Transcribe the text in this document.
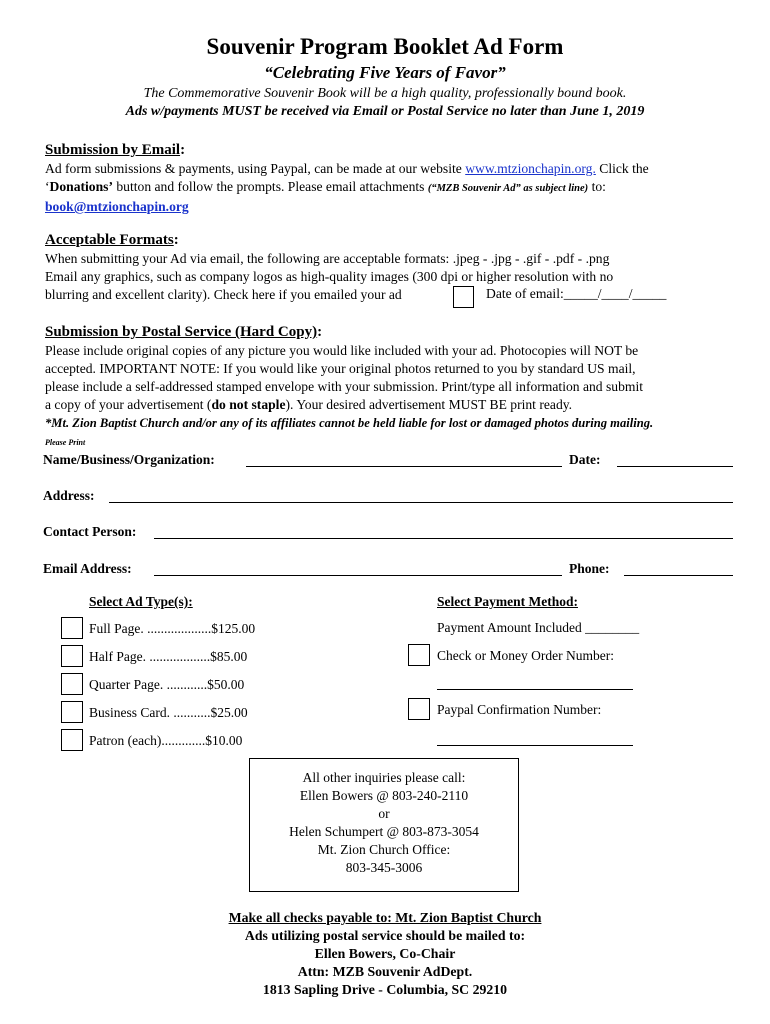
Souvenir Program Booklet Ad Form
“Celebrating Five Years of Favor”
The Commemorative Souvenir Book will be a high quality, professionally bound book.
Ads w/payments MUST be received via Email or Postal Service no later than June 1, 2019
Submission by Email:
Ad form submissions & payments, using Paypal, can be made at our website www.mtzionchapin.org. Click the
‘Donations’ button and follow the prompts. Please email attachments (“MZB Souvenir Ad” as subject line) to:
book@mtzionchapin.org
Acceptable Formats:
When submitting your Ad via email, the following are acceptable formats: .jpeg - .jpg - .gif - .pdf - .png
Email any graphics, such as company logos as high-quality images (300 dpi or higher resolution with no
blurring and excellent clarity). Check here if you emailed your ad	Date of email:_____/____/_____
Submission by Postal Service (Hard Copy):
Please include original copies of any picture you would like included with your ad. Photocopies will NOT be
accepted. IMPORTANT NOTE: If you would like your original photos returned to you by standard US mail,
please include a self-addressed stamped envelope with your submission. Print/type all information and submit
a copy of your advertisement (do not staple). Your desired advertisement MUST BE print ready.
*Mt. Zion Baptist Church and/or any of its affiliates cannot be held liable for lost or damaged photos during mailing.
Please Print
Name/Business/Organization:	Date:
Address:
Contact Person:
Email Address:	Phone:
Select Ad Type(s):
Full Page. ...................$125.00
Half Page. ..................$85.00
Quarter Page. ............$50.00
Business Card. ...........$25.00
Patron (each).............$10.00
Select Payment Method:
Payment Amount Included ________
Check or Money Order Number:
Paypal Confirmation Number:
All other inquiries please call:
Ellen Bowers @ 803-240-2110
or
Helen Schumpert @ 803-873-3054
Mt. Zion Church Office:
803-345-3006
Make all checks payable to: Mt. Zion Baptist Church
Ads utilizing postal service should be mailed to:
Ellen Bowers, Co-Chair
Attn: MZB Souvenir AdDept.
1813 Sapling Drive - Columbia, SC 29210
